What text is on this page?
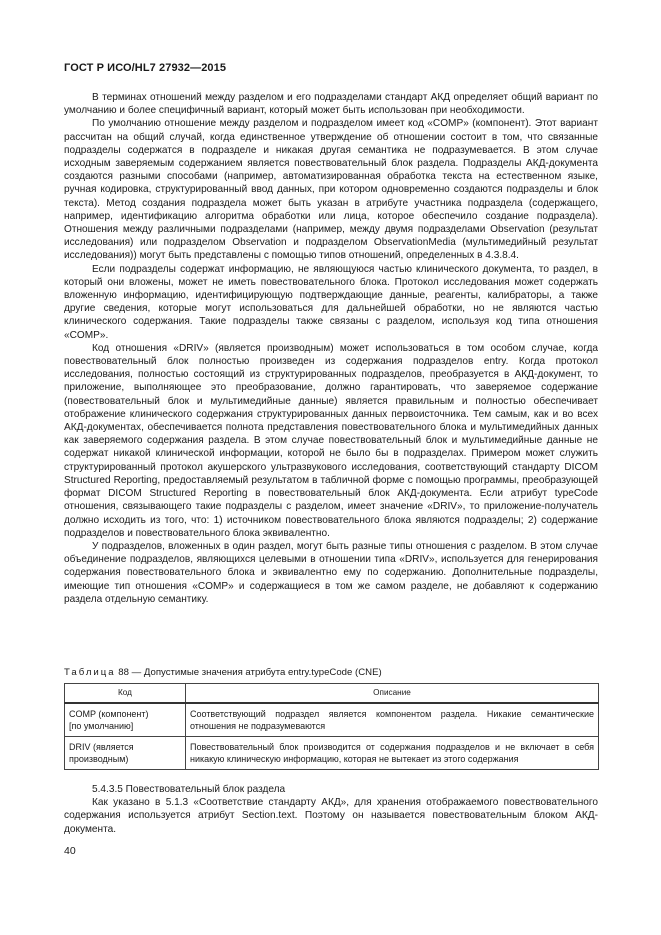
ГОСТ Р ИСО/HL7 27932—2015

В терминах отношений между разделом и его подразделами стандарт АКД определяет общий вариант по умолчанию и более специфичный вариант, который может быть использован при необходимости.

По умолчанию отношение между разделом и подразделом имеет код «COMP» (компонент). Этот вариант рассчитан на общий случай, когда единственное утверждение об отношении состоит в том, что связанные подразделы содержатся в подразделе и никакая другая семантика не подразумевается. В этом случае исходным заверяемым содержанием является повествовательный блок раздела. Подразделы АКД-документа создаются разными способами (например, автоматизированная обработка текста на естественном языке, ручная кодировка, структурированный ввод данных, при котором одновременно создаются подразделы и блок текста). Метод создания подраздела может быть указан в атрибуте участника подраздела (содержащего, например, идентификацию алгоритма обработки или лица, которое обеспечило создание подраздела). Отношения между различными подразделами (например, между двумя подразделами Observation (результат исследования) или подразделом Observation и подразделом ObservationMedia (мультимедийный результат исследования)) могут быть представлены с помощью типов отношений, определенных в 4.3.8.4.

Если подразделы содержат информацию, не являющуюся частью клинического документа, то раздел, в который они вложены, может не иметь повествовательного блока. Протокол исследования может содержать вложенную информацию, идентифицирующую подтверждающие данные, реагенты, калибраторы, а также другие сведения, которые могут использоваться для дальнейшей обработки, но не являются частью клинического содержания. Такие подразделы также связаны с разделом, используя код типа отношения «COMP».

Код отношения «DRIV» (является производным) может использоваться в том особом случае, когда повествовательный блок полностью произведен из содержания подразделов entry. Когда протокол исследования, полностью состоящий из структурированных подразделов, преобразуется в АКД-документ, то приложение, выполняющее это преобразование, должно гарантировать, что заверяемое содержание (повествовательный блок и мультимедийные данные) является правильным и полностью обеспечивает отображение клинического содержания структурированных данных первоисточника. Тем самым, как и во всех АКД-документах, обеспечивается полнота представления повествовательного блока и мультимедийных данных как заверяемого содержания раздела. В этом случае повествовательный блок и мультимедийные данные не содержат никакой клинической информации, которой не было бы в подразделах. Примером может служить структурированный протокол акушерского ультразвукового исследования, соответствующий стандарту DICOM Structured Reporting, предоставляемый результатом в табличной форме с помощью программы, преобразующей формат DICOM Structured Reporting в повествовательный блок АКД-документа. Если атрибут typeCode отношения, связывающего такие подразделы с разделом, имеет значение «DRIV», то приложение-получатель должно исходить из того, что: 1) источником повествовательного блока являются подразделы; 2) содержание подразделов и повествовательного блока эквивалентно.

У подразделов, вложенных в один раздел, могут быть разные типы отношения с разделом. В этом случае объединение подразделов, являющихся целевыми в отношении типа «DRIV», используется для генерирования содержания повествовательного блока и эквивалентно ему по содержанию. Дополнительные подразделы, имеющие тип отношения «COMP» и содержащиеся в том же самом разделе, не добавляют к содержанию раздела отдельную семантику.

Таблица 88 — Допустимые значения атрибута entry.typeCode (CNE)
Код	Описание

COMP (компонент)
[по умолчанию]	Соответствующий подраздел является компонентом раздела. Никакие семантические отношения не подразумеваются

DRIV (является
производным)	Повествовательный блок производится от содержания подразделов и не включает в себя никакую клиническую информацию, которая не вытекает из этого содержания

5.4.3.5 Повествовательный блок раздела

Как указано в 5.1.3 «Соответствие стандарту АКД», для хранения отображаемого повествовательного содержания используется атрибут Section.text. Поэтому он называется повествовательным блоком АКД-документа.

40
